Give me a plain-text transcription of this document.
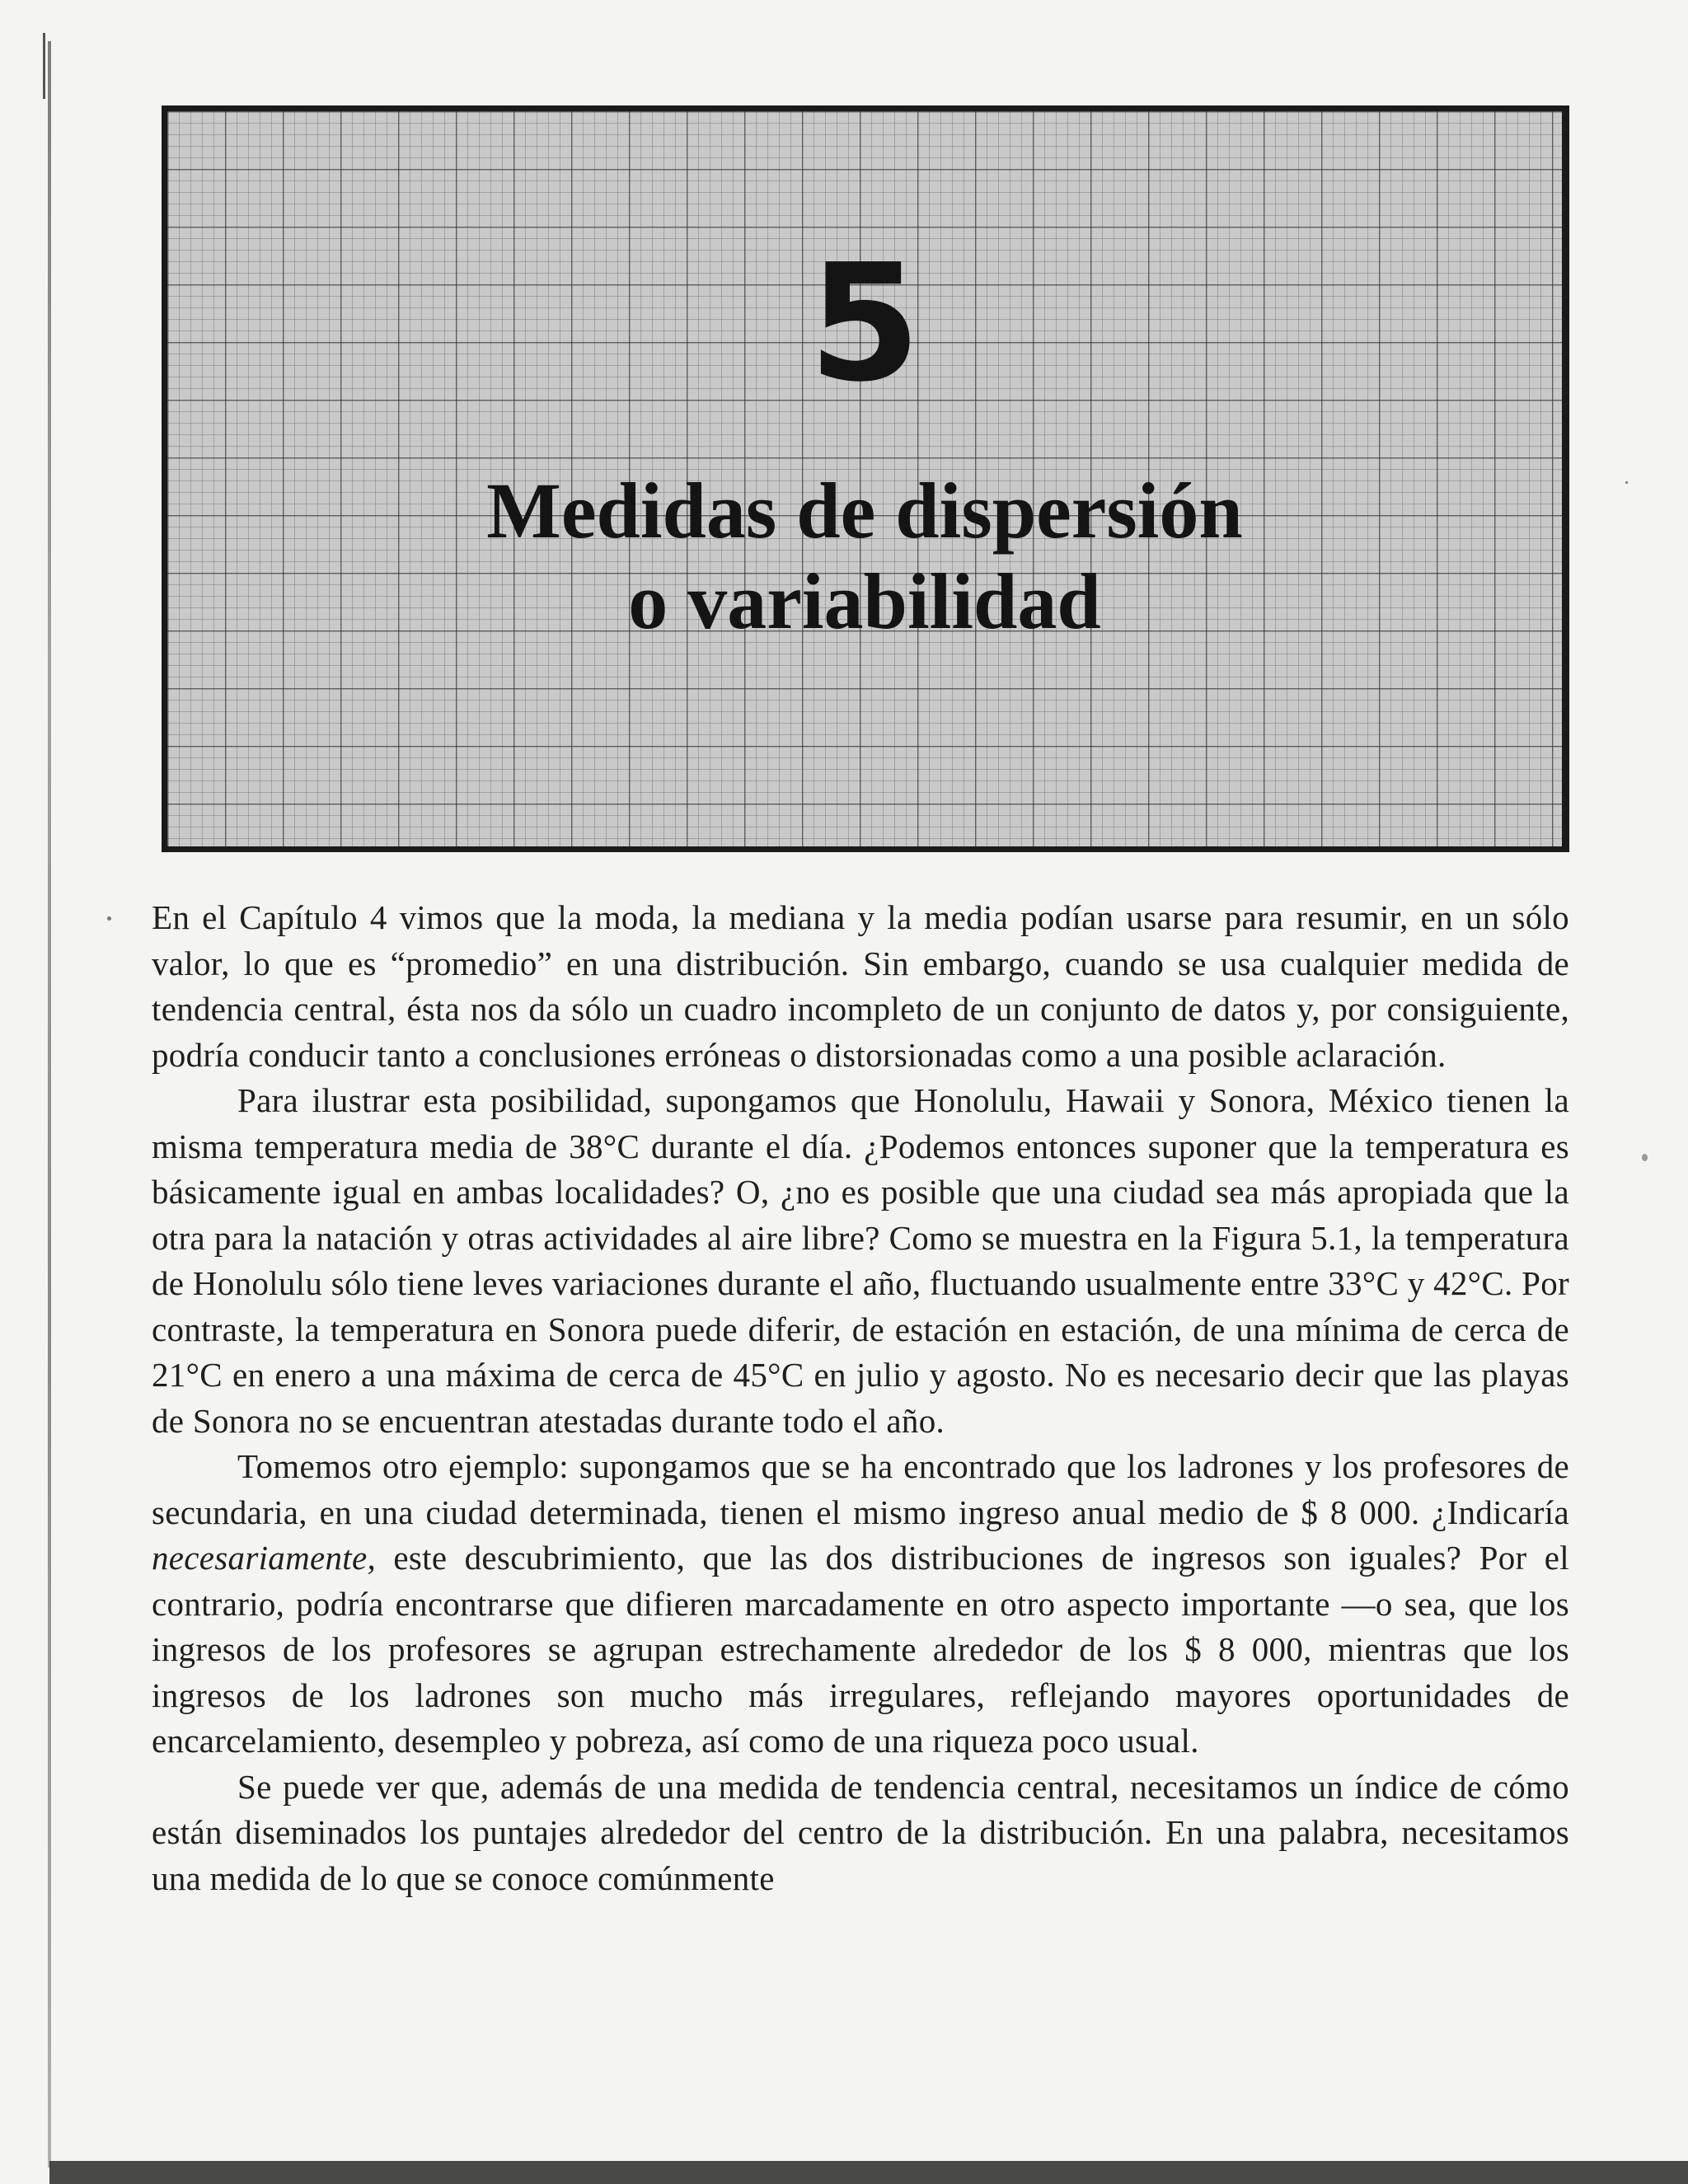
5
Medidas de dispersión
o variabilidad

En el Capítulo 4 vimos que la moda, la mediana y la media podían usarse para resumir, en un sólo valor, lo que es “promedio” en una distribución. Sin embargo, cuando se usa cualquier medida de tendencia central, ésta nos da sólo un cuadro incompleto de un conjunto de datos y, por consiguiente, podría conducir tanto a conclusiones erróneas o distorsionadas como a una posible aclaración.

Para ilustrar esta posibilidad, supongamos que Honolulu, Hawaii y Sonora, México tienen la misma temperatura media de 38°C durante el día. ¿Podemos entonces suponer que la temperatura es básicamente igual en ambas localidades? O, ¿no es posible que una ciudad sea más apropiada que la otra para la natación y otras actividades al aire libre? Como se muestra en la Figura 5.1, la temperatura de Honolulu sólo tiene leves variaciones durante el año, fluctuando usualmente entre 33°C y 42°C. Por contraste, la temperatura en Sonora puede diferir, de estación en estación, de una mínima de cerca de 21°C en enero a una máxima de cerca de 45°C en julio y agosto. No es necesario decir que las playas de Sonora no se encuentran atestadas durante todo el año.

Tomemos otro ejemplo: supongamos que se ha encontrado que los ladrones y los profesores de secundaria, en una ciudad determinada, tienen el mismo ingreso anual medio de $ 8 000. ¿Indicaría necesariamente, este descubrimiento, que las dos distribuciones de ingresos son iguales? Por el contrario, podría encontrarse que difieren marcadamente en otro aspecto importante —o sea, que los ingresos de los profesores se agrupan estrechamente alrededor de los $ 8 000, mientras que los ingresos de los ladrones son mucho más irregulares, reflejando mayores oportunidades de encarcelamiento, desempleo y pobreza, así como de una riqueza poco usual.

Se puede ver que, además de una medida de tendencia central, necesitamos un índice de cómo están diseminados los puntajes alrededor del centro de la distribución. En una palabra, necesitamos una medida de lo que se conoce comúnmente
